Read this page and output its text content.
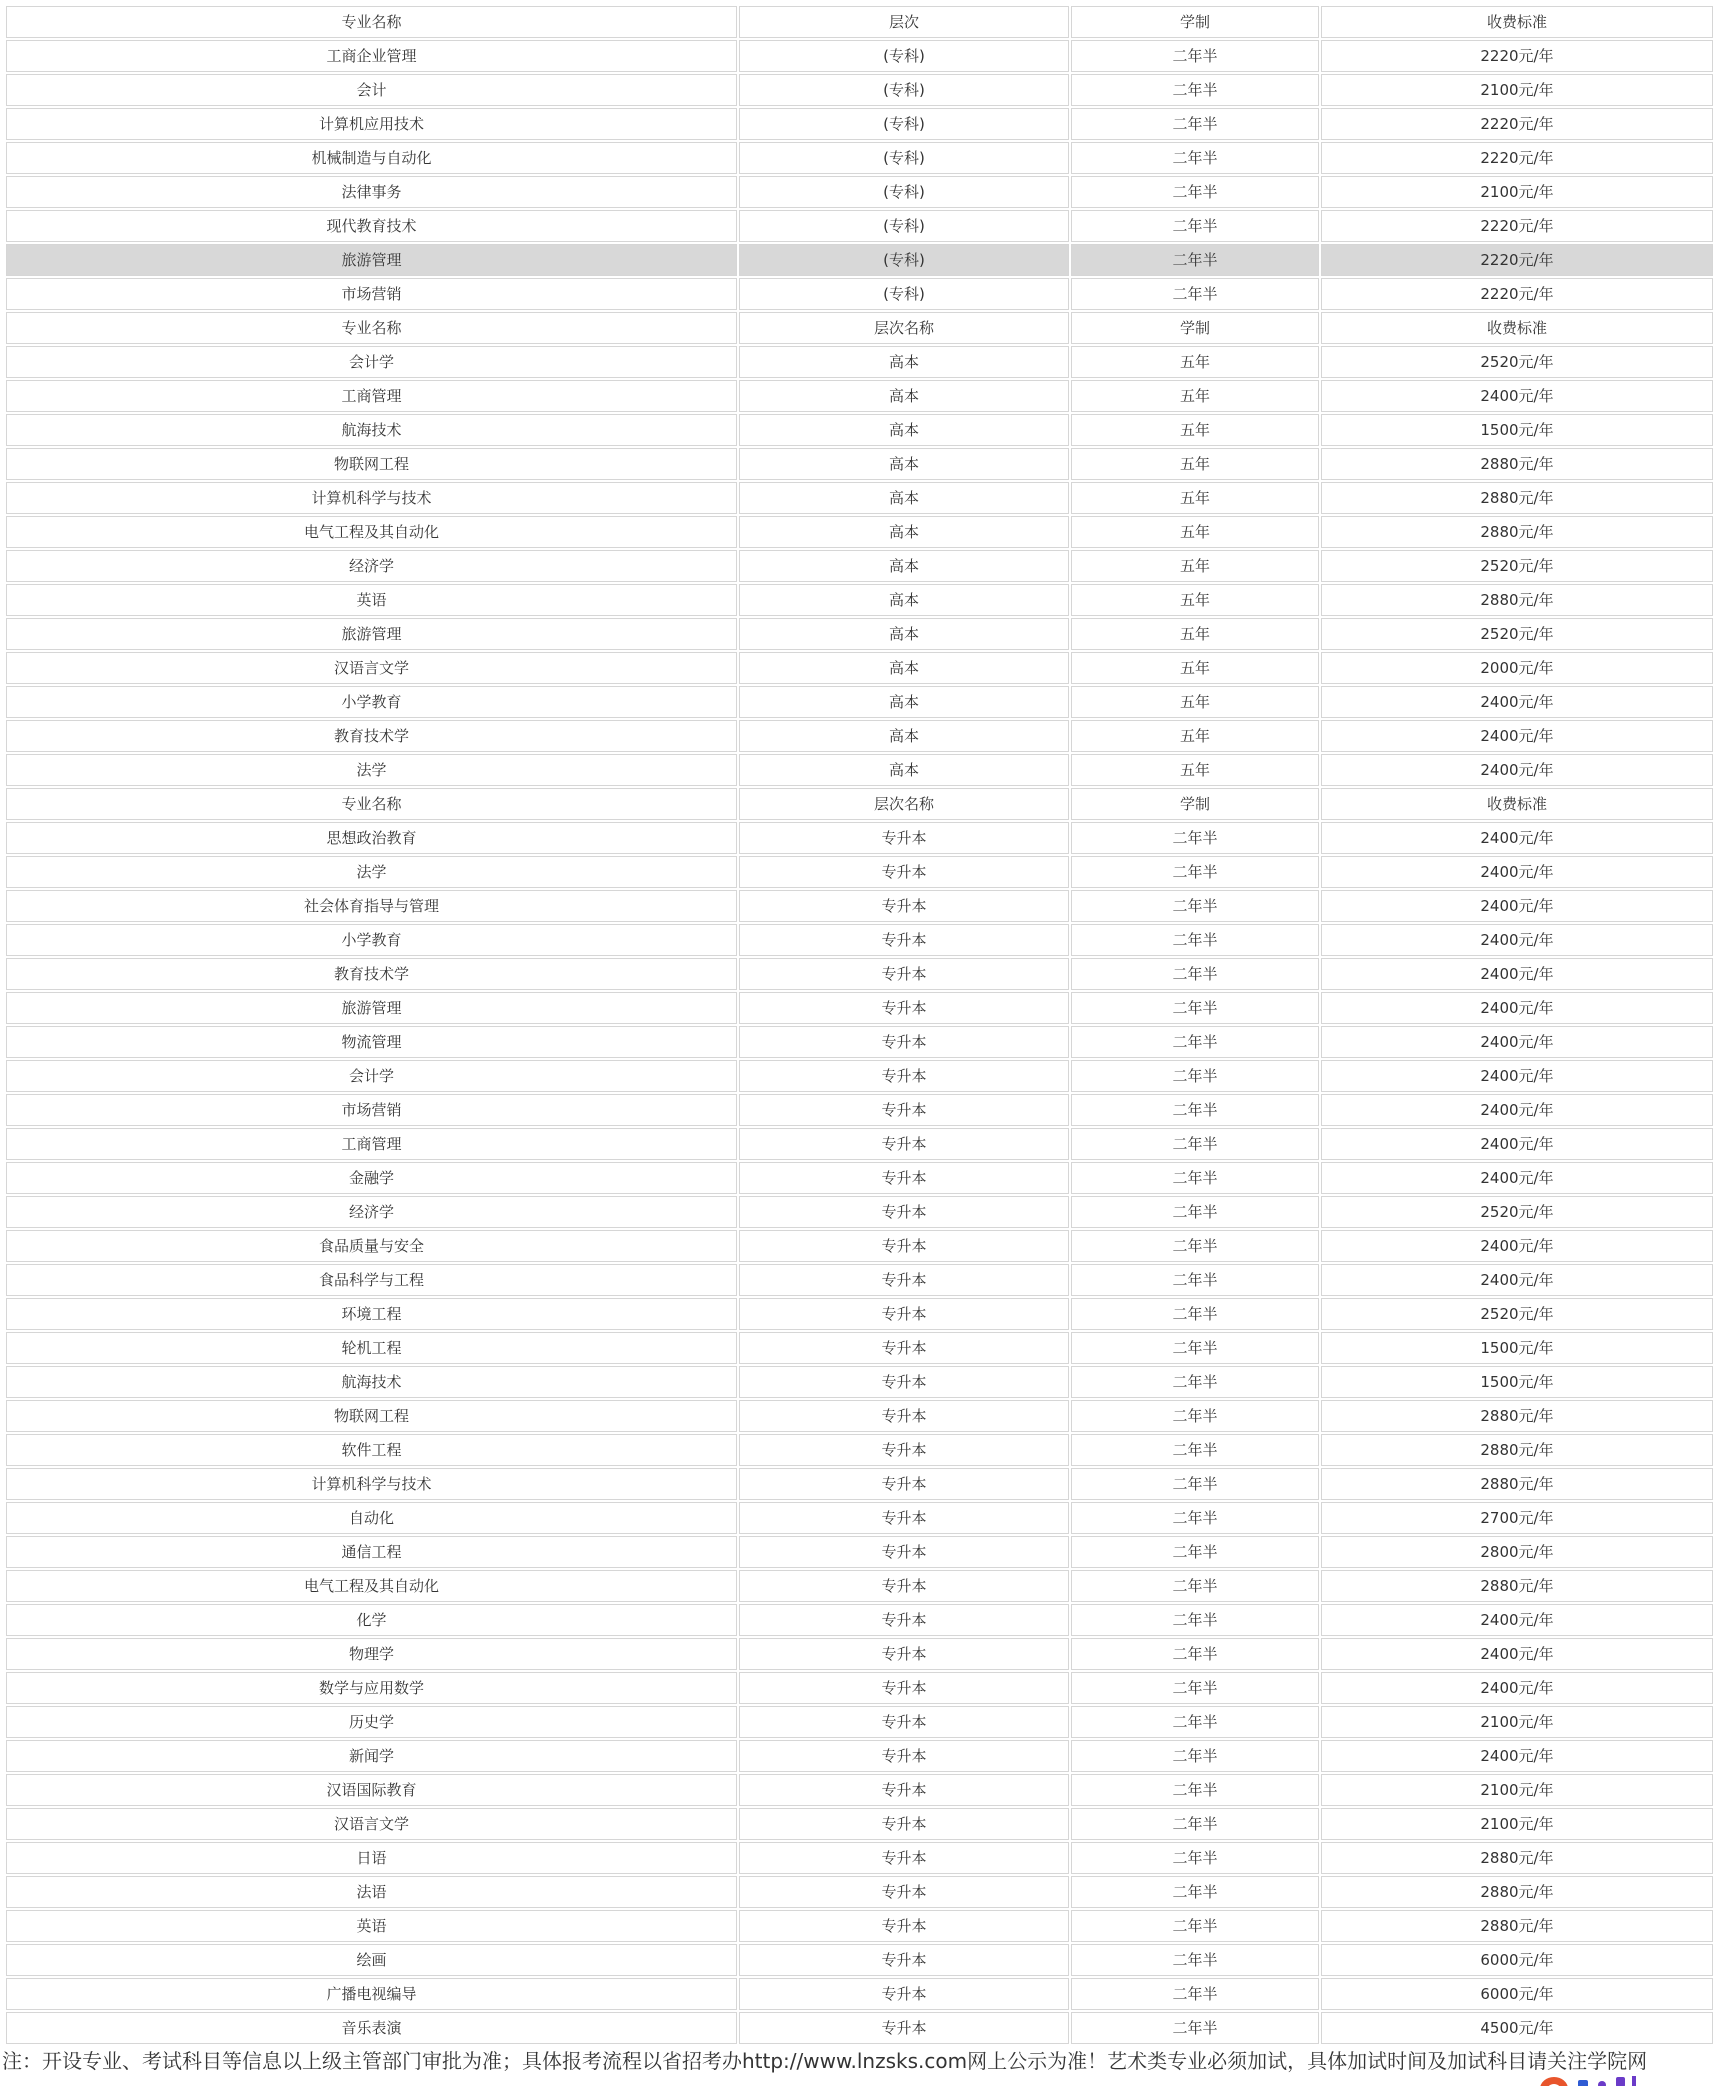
专业名称	层次	学制	收费标准
工商企业管理	(专科)	二年半	2220元/年
会计	(专科)	二年半	2100元/年
计算机应用技术	(专科)	二年半	2220元/年
机械制造与自动化	(专科)	二年半	2220元/年
法律事务	(专科)	二年半	2100元/年
现代教育技术	(专科)	二年半	2220元/年
旅游管理	(专科)	二年半	2220元/年
市场营销	(专科)	二年半	2220元/年
专业名称	层次名称	学制	收费标准
会计学	高本	五年	2520元/年
工商管理	高本	五年	2400元/年
航海技术	高本	五年	1500元/年
物联网工程	高本	五年	2880元/年
计算机科学与技术	高本	五年	2880元/年
电气工程及其自动化	高本	五年	2880元/年
经济学	高本	五年	2520元/年
英语	高本	五年	2880元/年
旅游管理	高本	五年	2520元/年
汉语言文学	高本	五年	2000元/年
小学教育	高本	五年	2400元/年
教育技术学	高本	五年	2400元/年
法学	高本	五年	2400元/年
专业名称	层次名称	学制	收费标准
思想政治教育	专升本	二年半	2400元/年
法学	专升本	二年半	2400元/年
社会体育指导与管理	专升本	二年半	2400元/年
小学教育	专升本	二年半	2400元/年
教育技术学	专升本	二年半	2400元/年
旅游管理	专升本	二年半	2400元/年
物流管理	专升本	二年半	2400元/年
会计学	专升本	二年半	2400元/年
市场营销	专升本	二年半	2400元/年
工商管理	专升本	二年半	2400元/年
金融学	专升本	二年半	2400元/年
经济学	专升本	二年半	2520元/年
食品质量与安全	专升本	二年半	2400元/年
食品科学与工程	专升本	二年半	2400元/年
环境工程	专升本	二年半	2520元/年
轮机工程	专升本	二年半	1500元/年
航海技术	专升本	二年半	1500元/年
物联网工程	专升本	二年半	2880元/年
软件工程	专升本	二年半	2880元/年
计算机科学与技术	专升本	二年半	2880元/年
自动化	专升本	二年半	2700元/年
通信工程	专升本	二年半	2800元/年
电气工程及其自动化	专升本	二年半	2880元/年
化学	专升本	二年半	2400元/年
物理学	专升本	二年半	2400元/年
数学与应用数学	专升本	二年半	2400元/年
历史学	专升本	二年半	2100元/年
新闻学	专升本	二年半	2400元/年
汉语国际教育	专升本	二年半	2100元/年
汉语言文学	专升本	二年半	2100元/年
日语	专升本	二年半	2880元/年
法语	专升本	二年半	2880元/年
英语	专升本	二年半	2880元/年
绘画	专升本	二年半	6000元/年
广播电视编导	专升本	二年半	6000元/年
音乐表演	专升本	二年半	4500元/年
注：开设专业、考试科目等信息以上级主管部门审批为准；具体报考流程以省招考办http://www.lnzsks.com网上公示为准！艺术类专业必须加试，具体加试时间及加试科目请关注学院网
